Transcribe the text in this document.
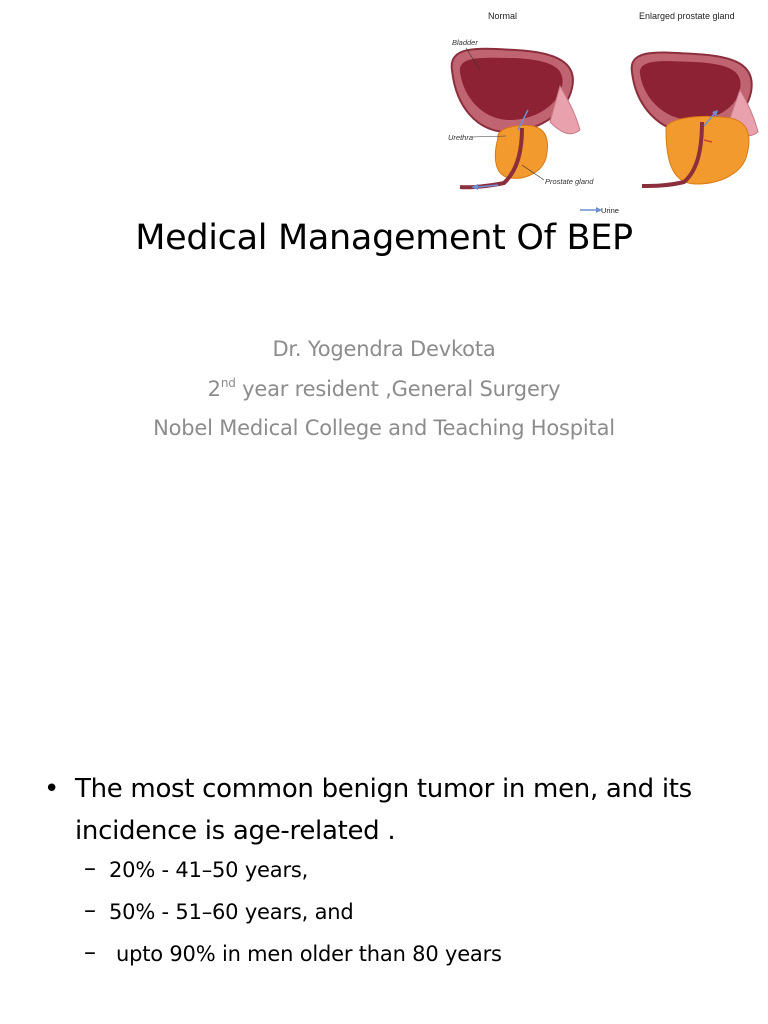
Normal	Enlarged prostate gland
Bladder
Urethra
Prostate gland
Urine
Medical Management Of BEP
Dr. Yogendra Devkota
2nd year resident ,General Surgery
Nobel Medical College and Teaching Hospital
• The most common benign tumor in men, and its incidence is age-related .
– 20% - 41–50 years,
– 50% - 51–60 years, and
– upto 90% in men older than 80 years
